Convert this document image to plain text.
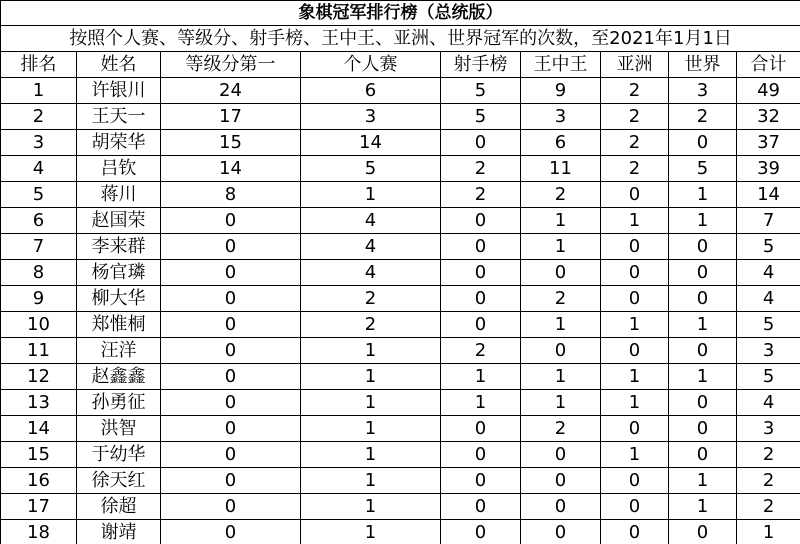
象棋冠军排行榜（总统版）								
按照个人赛、等级分、射手榜、王中王、亚洲、世界冠军的次数，至2021年1月1日								
排名	姓名	等级分第一	个人赛	射手榜	王中王	亚洲	世界	合计
1	许银川	24	6	5	9	2	3	49
2	王天一	17	3	5	3	2	2	32
3	胡荣华	15	14	0	6	2	0	37
4	吕钦	14	5	2	11	2	5	39
5	蒋川	8	1	2	2	0	1	14
6	赵国荣	0	4	0	1	1	1	7
7	李来群	0	4	0	1	0	0	5
8	杨官璘	0	4	0	0	0	0	4
9	柳大华	0	2	0	2	0	0	4
10	郑惟桐	0	2	0	1	1	1	5
11	汪洋	0	1	2	0	0	0	3
12	赵鑫鑫	0	1	1	1	1	1	5
13	孙勇征	0	1	1	1	1	0	4
14	洪智	0	1	0	2	0	0	3
15	于幼华	0	1	0	0	1	0	2
16	徐天红	0	1	0	0	0	1	2
17	徐超	0	1	0	0	0	1	2
18	谢靖	0	1	0	0	0	0	1
